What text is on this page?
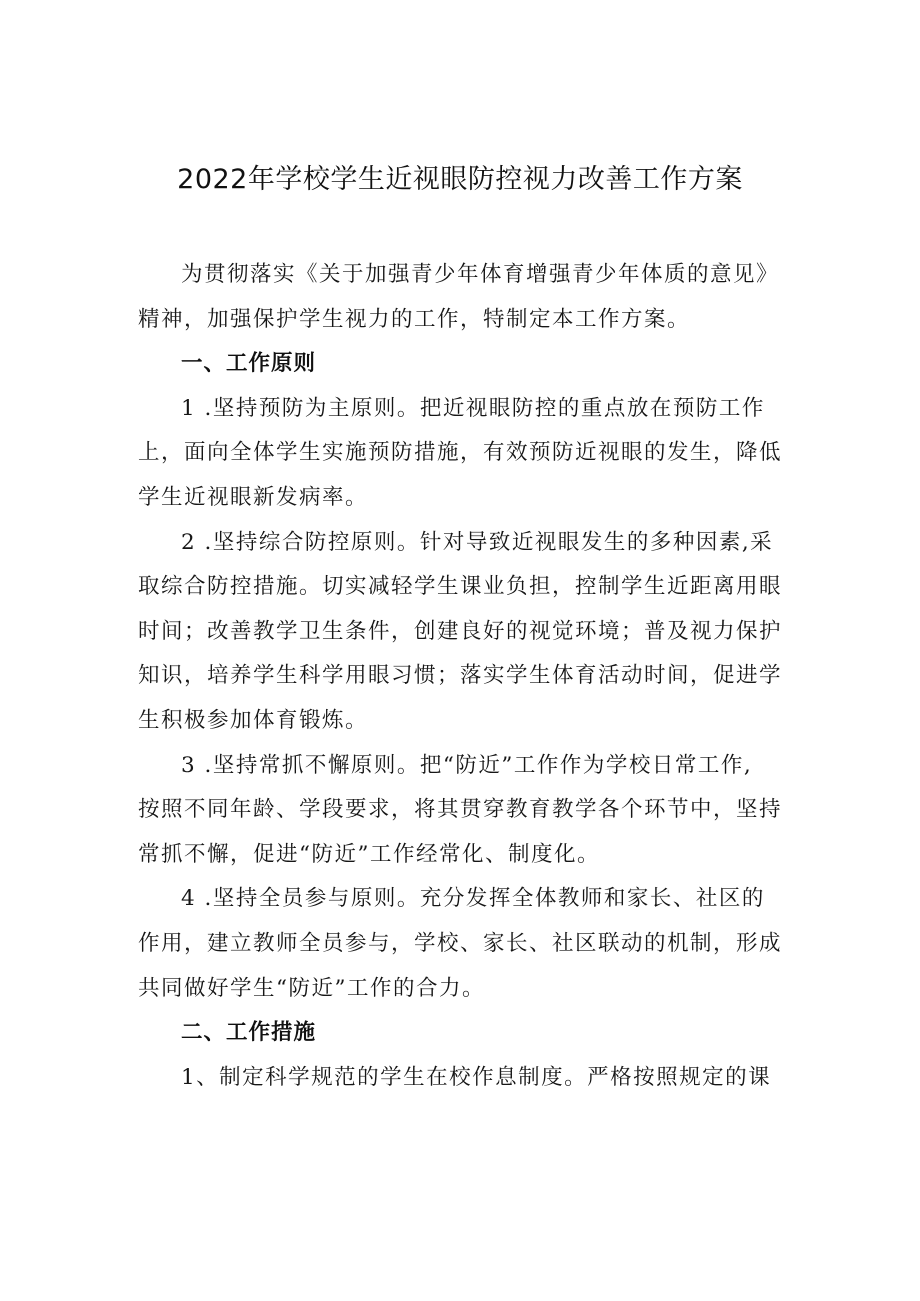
2022年学校学生近视眼防控视力改善工作方案
为贯彻落实《关于加强青少年体育增强青少年体质的意见》
精神，加强保护学生视力的工作，特制定本工作方案。
一、工作原则
1 .坚持预防为主原则。把近视眼防控的重点放在预防工作
上，面向全体学生实施预防措施，有效预防近视眼的发生，降低
学生近视眼新发病率。
2 .坚持综合防控原则。针对导致近视眼发生的多种因素,采
取综合防控措施。切实减轻学生课业负担，控制学生近距离用眼
时间；改善教学卫生条件，创建良好的视觉环境；普及视力保护
知识，培养学生科学用眼习惯；落实学生体育活动时间，促进学
生积极参加体育锻炼。
3 .坚持常抓不懈原则。把“防近”工作作为学校日常工作,
按照不同年龄、学段要求，将其贯穿教育教学各个环节中，坚持
常抓不懈，促进“防近”工作经常化、制度化。
4 .坚持全员参与原则。充分发挥全体教师和家长、社区的
作用，建立教师全员参与，学校、家长、社区联动的机制，形成
共同做好学生“防近”工作的合力。
二、工作措施
1、制定科学规范的学生在校作息制度。严格按照规定的课
